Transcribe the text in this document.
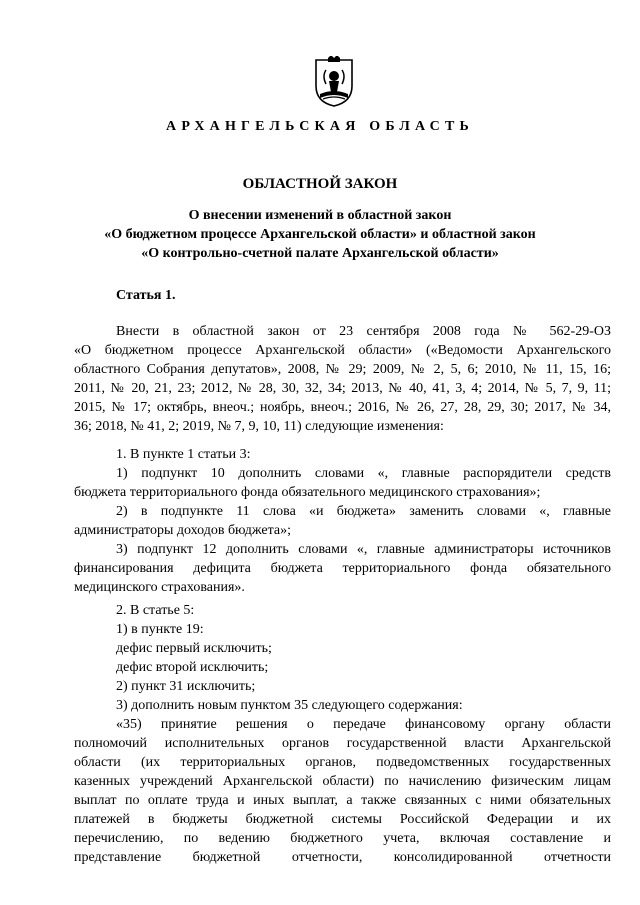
АРХАНГЕЛЬСКАЯ ОБЛАСТЬ
ОБЛАСТНОЙ ЗАКОН
О внесении изменений в областной закон
«О бюджетном процессе Архангельской области» и областной закон
«О контрольно-счетной палате Архангельской области»
Статья 1.
Внести в областной закон от 23 сентября 2008 года № 562-29-ОЗ
«О бюджетном процессе Архангельской области» («Ведомости Архангельского
областного Собрания депутатов», 2008, № 29; 2009, № 2, 5, 6; 2010, № 11, 15, 16;
2011, № 20, 21, 23; 2012, № 28, 30, 32, 34; 2013, № 40, 41, 3, 4; 2014, № 5, 7, 9, 11;
2015, № 17; октябрь, внеоч.; ноябрь, внеоч.; 2016, № 26, 27, 28, 29, 30; 2017, № 34,
36; 2018, № 41, 2; 2019, № 7, 9, 10, 11) следующие изменения:
1. В пункте 1 статьи 3:
1) подпункт 10 дополнить словами «, главные распорядители средств
бюджета территориального фонда обязательного медицинского страхования»;
2) в подпункте 11 слова «и бюджета» заменить словами «, главные
администраторы доходов бюджета»;
3) подпункт 12 дополнить словами «, главные администраторы источников
финансирования дефицита бюджета территориального фонда обязательного
медицинского страхования».
2. В статье 5:
1) в пункте 19:
дефис первый исключить;
дефис второй исключить;
2) пункт 31 исключить;
3) дополнить новым пунктом 35 следующего содержания:
«35) принятие решения о передаче финансовому органу области
полномочий исполнительных органов государственной власти Архангельской
области (их территориальных органов, подведомственных государственных
казенных учреждений Архангельской области) по начислению физическим лицам
выплат по оплате труда и иных выплат, а также связанных с ними обязательных
платежей в бюджеты бюджетной системы Российской Федерации и их
перечислению, по ведению бюджетного учета, включая составление и
представление бюджетной отчетности, консолидированной отчетности
